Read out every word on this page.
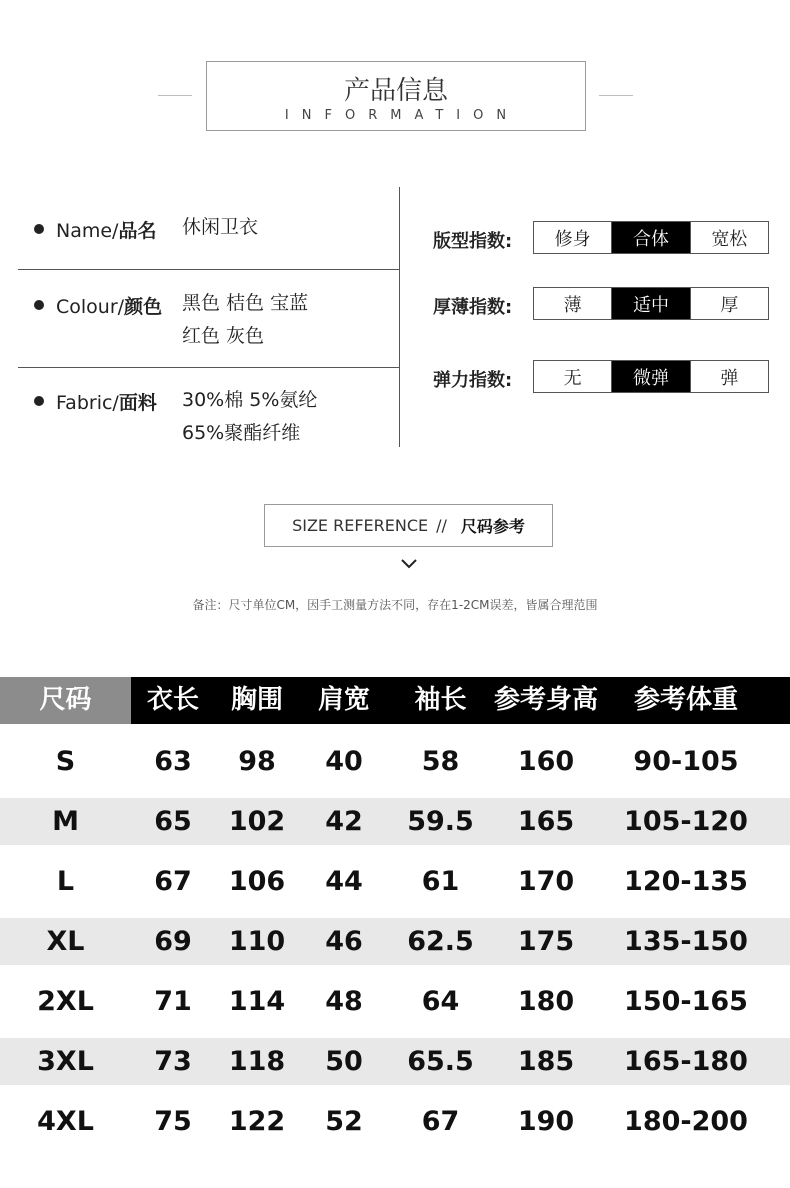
产品信息
INFORMATION
Name/品名 休闲卫衣
Colour/颜色 黑色 桔色 宝蓝
红色 灰色
Fabric/面料 30%棉 5%氨纶
65%聚酯纤维
版型指数:	修身	合体	宽松
厚薄指数:	薄	适中	厚
弹力指数:	无	微弹	弹
SIZE REFERENCE // 尺码参考
备注：尺寸单位CM，因手工测量方法不同，存在1-2CM误差，皆属合理范围
尺码	衣长	胸围	肩宽	袖长	参考身高	参考体重
S	63	98	40	58	160	90-105
M	65	102	42	59.5	165	105-120
L	67	106	44	61	170	120-135
XL	69	110	46	62.5	175	135-150
2XL	71	114	48	64	180	150-165
3XL	73	118	50	65.5	185	165-180
4XL	75	122	52	67	190	180-200
